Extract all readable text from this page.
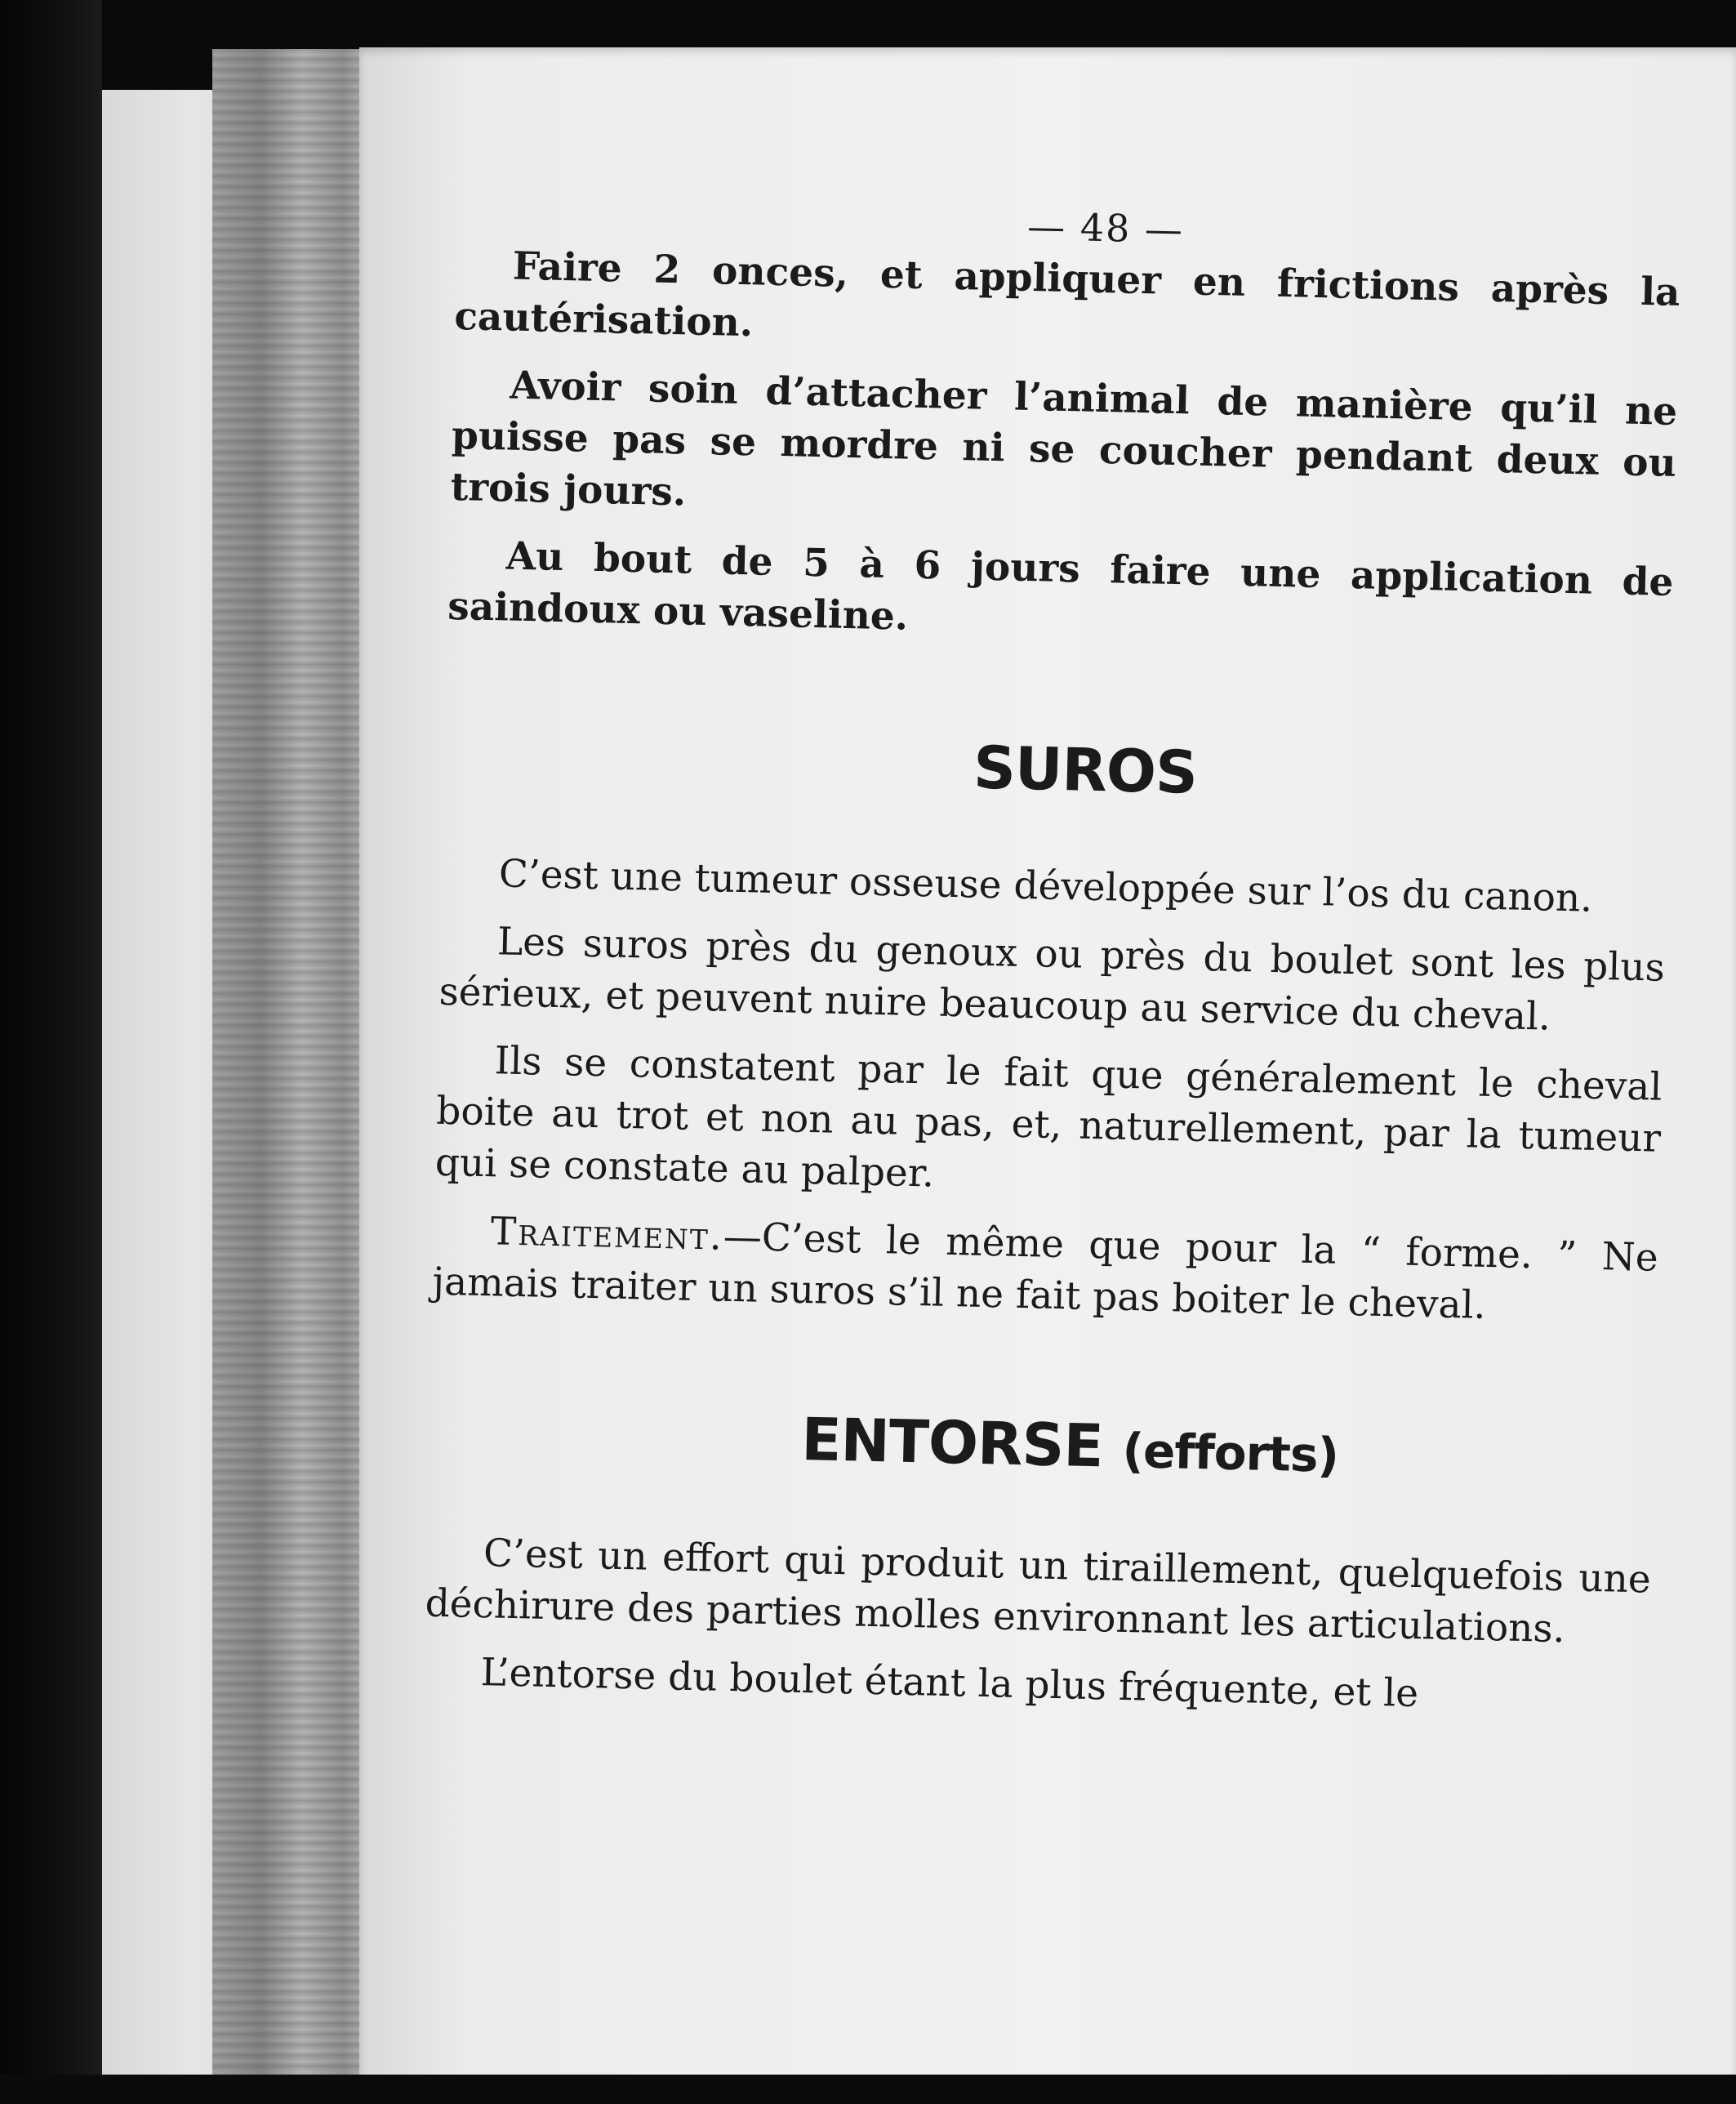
— 48 —

Faire 2 onces, et appliquer en frictions après la cautérisation.

Avoir soin d’attacher l’animal de manière qu’il ne puisse pas se mordre ni se coucher pendant deux ou trois jours.

Au bout de 5 à 6 jours faire une application de saindoux ou vaseline.

SUROS

C’est une tumeur osseuse développée sur l’os du canon.

Les suros près du genoux ou près du boulet sont les plus sérieux, et peuvent nuire beaucoup au service du cheval.

Ils se constatent par le fait que généralement le cheval boite au trot et non au pas, et, naturellement, par la tumeur qui se constate au palper.

Traitement.—C’est le même que pour la “ forme. ” Ne jamais traiter un suros s’il ne fait pas boiter le cheval.

ENTORSE (efforts)

C’est un effort qui produit un tiraillement, quelquefois une déchirure des parties molles environnant les articulations.

L’entorse du boulet étant la plus fréquente, et le
